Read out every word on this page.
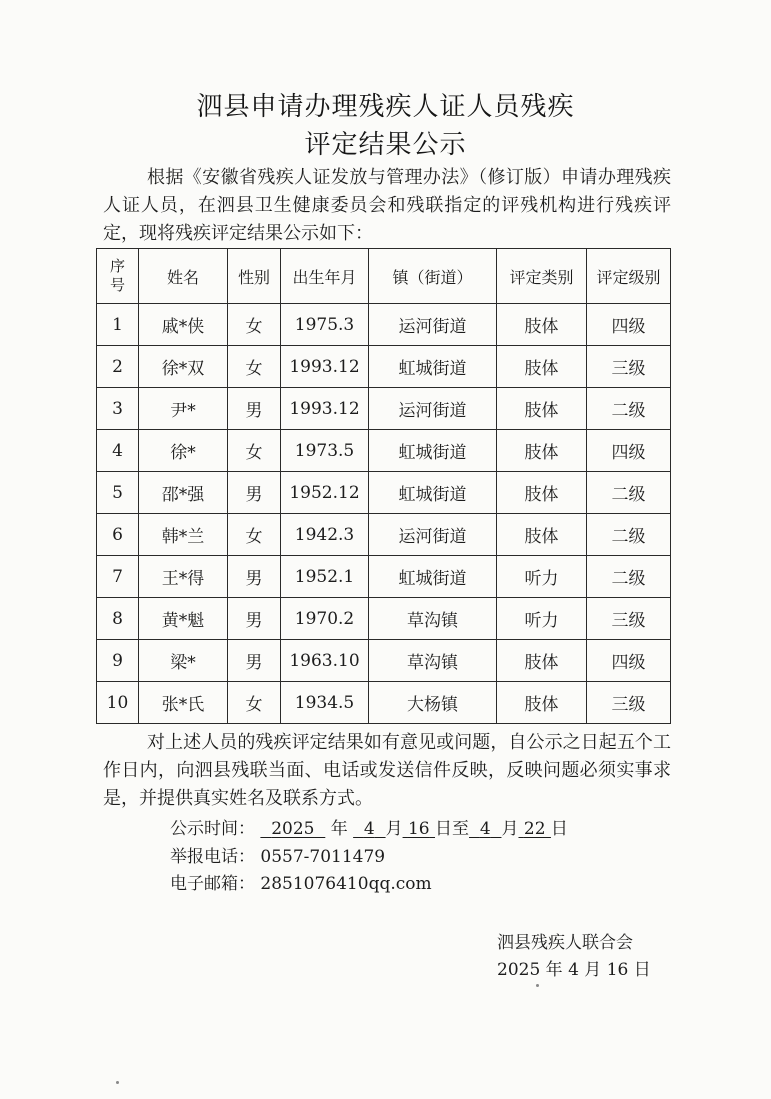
泗县申请办理残疾人证人员残疾
评定结果公示
根据《安徽省残疾人证发放与管理办法》（修订版）申请办理残疾人证人员，在泗县卫生健康委员会和残联指定的评残机构进行残疾评定，现将残疾评定结果公示如下：
序号	姓名	性别	出生年月	镇（街道）	评定类别	评定级别
1	戚*侠	女	1975.3	运河街道	肢体	四级
2	徐*双	女	1993.12	虹城街道	肢体	三级
3	尹*	男	1993.12	运河街道	肢体	二级
4	徐*	女	1973.5	虹城街道	肢体	四级
5	邵*强	男	1952.12	虹城街道	肢体	二级
6	韩*兰	女	1942.3	运河街道	肢体	二级
7	王*得	男	1952.1	虹城街道	听力	二级
8	黄*魁	男	1970.2	草沟镇	听力	三级
9	梁*	男	1963.10	草沟镇	肢体	四级
10	张*氏	女	1934.5	大杨镇	肢体	三级
对上述人员的残疾评定结果如有意见或问题，自公示之日起五个工作日内，向泗县残联当面、电话或发送信件反映，反映问题必须实事求是，并提供真实姓名及联系方式。
公示时间： 2025 年 4 月 16 日至 4 月 22 日
举报电话： 0557-7011479
电子邮箱： 2851076410qq.com
泗县残疾人联合会
2025 年 4 月 16 日
